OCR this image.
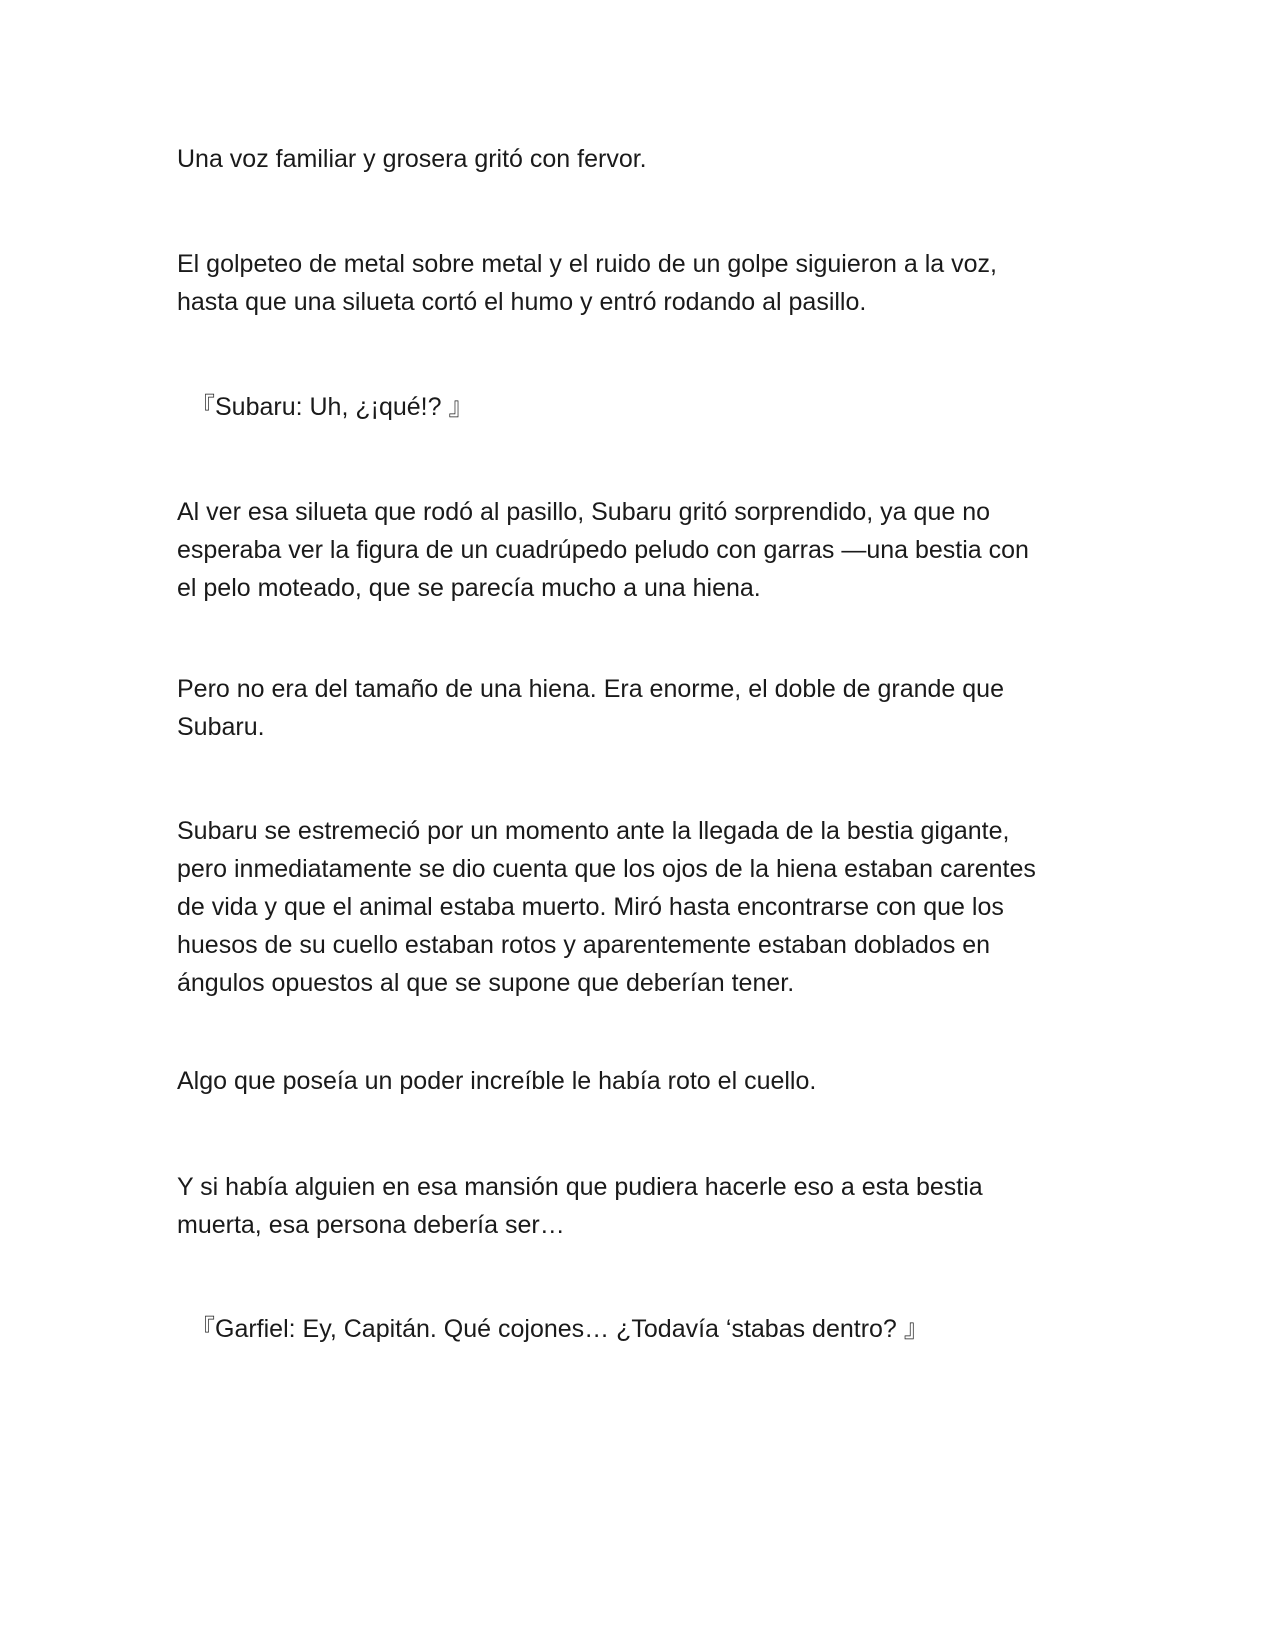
Una voz familiar y grosera gritó con fervor.

El golpeteo de metal sobre metal y el ruido de un golpe siguieron a la voz,
hasta que una silueta cortó el humo y entró rodando al pasillo.

『Subaru: Uh, ¿¡qué!? 』

Al ver esa silueta que rodó al pasillo, Subaru gritó sorprendido, ya que no
esperaba ver la figura de un cuadrúpedo peludo con garras —una bestia con
el pelo moteado, que se parecía mucho a una hiena.

Pero no era del tamaño de una hiena. Era enorme, el doble de grande que
Subaru.

Subaru se estremeció por un momento ante la llegada de la bestia gigante,
pero inmediatamente se dio cuenta que los ojos de la hiena estaban carentes
de vida y que el animal estaba muerto. Miró hasta encontrarse con que los
huesos de su cuello estaban rotos y aparentemente estaban doblados en
ángulos opuestos al que se supone que deberían tener.

Algo que poseía un poder increíble le había roto el cuello.

Y si había alguien en esa mansión que pudiera hacerle eso a esta bestia
muerta, esa persona debería ser…

『Garfiel: Ey, Capitán. Qué cojones… ¿Todavía ‘stabas dentro? 』
